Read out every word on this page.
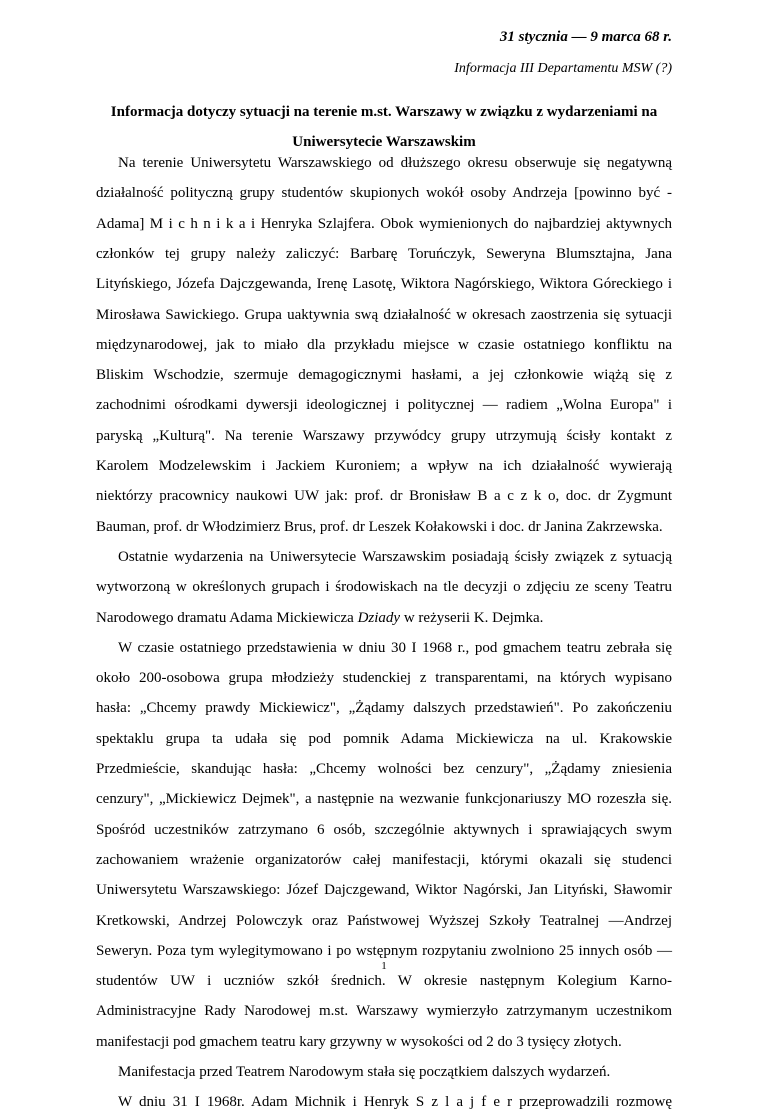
31 stycznia — 9 marca 68 r.
Informacja III Departamentu MSW (?)
Informacja dotyczy sytuacji na terenie m.st. Warszawy w związku z wydarzeniami na
Uniwersytecie Warszawskim
Na terenie Uniwersytetu Warszawskiego od dłuższego okresu obserwuje się negatywną
działalność polityczną grupy studentów skupionych wokół osoby Andrzeja [powinno być -
Adama] M i c h n i k a i Henryka Szlajfera. Obok wymienionych do najbardziej aktywnych
członków tej grupy należy zaliczyć: Barbarę Toruńczyk, Seweryna Blumsztajna, Jana
Lityńskiego, Józefa Dajczgewanda, Irenę Lasotę, Wiktora Nagórskiego, Wiktora Góreckiego i
Mirosława Sawickiego. Grupa uaktywnia swą działalność w okresach zaostrzenia się sytuacji
międzynarodowej, jak to miało dla przykładu miejsce w czasie ostatniego konfliktu na
Bliskim Wschodzie, szermuje demagogicznymi hasłami, a jej członkowie wiążą się z
zachodnimi ośrodkami dywersji ideologicznej i politycznej — radiem „Wolna Europa" i
paryską „Kulturą". Na terenie Warszawy przywódcy grupy utrzymują ścisły kontakt z
Karolem Modzelewskim i Jackiem Kuroniem; a wpływ na ich działalność wywierają
niektórzy pracownicy naukowi UW jak: prof. dr Bronisław B a c z k o, doc. dr Zygmunt
Bauman, prof. dr Włodzimierz Brus, prof. dr Leszek Kołakowski i doc. dr Janina Zakrzewska.
Ostatnie wydarzenia na Uniwersytecie Warszawskim posiadają ścisły związek z sytuacją
wytworzoną w określonych grupach i środowiskach na tle decyzji o zdjęciu ze sceny Teatru
Narodowego dramatu Adama Mickiewicza Dziady w reżyserii K. Dejmka.
W czasie ostatniego przedstawienia w dniu 30 I 1968 r., pod gmachem teatru zebrała się
około 200-osobowa grupa młodzieży studenckiej z transparentami, na których wypisano
hasła: „Chcemy prawdy Mickiewicz", „Żądamy dalszych przedstawień". Po zakończeniu
spektaklu grupa ta udała się pod pomnik Adama Mickiewicza na ul. Krakowskie
Przedmieście, skandując hasła: „Chcemy wolności bez cenzury", „Żądamy zniesienia
cenzury", „Mickiewicz Dejmek", a następnie na wezwanie funkcjonariuszy MO rozeszła się.
Spośród uczestników zatrzymano 6 osób, szczególnie aktywnych i sprawiających swym
zachowaniem wrażenie organizatorów całej manifestacji, którymi okazali się studenci
Uniwersytetu Warszawskiego: Józef Dajczgewand, Wiktor Nagórski, Jan Lityński, Sławomir
Kretkowski, Andrzej Polowczyk oraz Państwowej Wyższej Szkoły Teatralnej —Andrzej
Seweryn. Poza tym wylegitymowano i po wstępnym rozpytaniu zwolniono 25 innych osób —
studentów UW i uczniów szkół średnich. W okresie następnym Kolegium Karno-
Administracyjne Rady Narodowej m.st. Warszawy wymierzyło zatrzymanym uczestnikom
manifestacji pod gmachem teatru kary grzywny w wysokości od 2 do 3 tysięcy złotych.
Manifestacja przed Teatrem Narodowym stała się początkiem dalszych wydarzeń.
W dniu 31 I 1968r. Adam Michnik i Henryk S z l a j f e r przeprowadzili rozmowę
1
